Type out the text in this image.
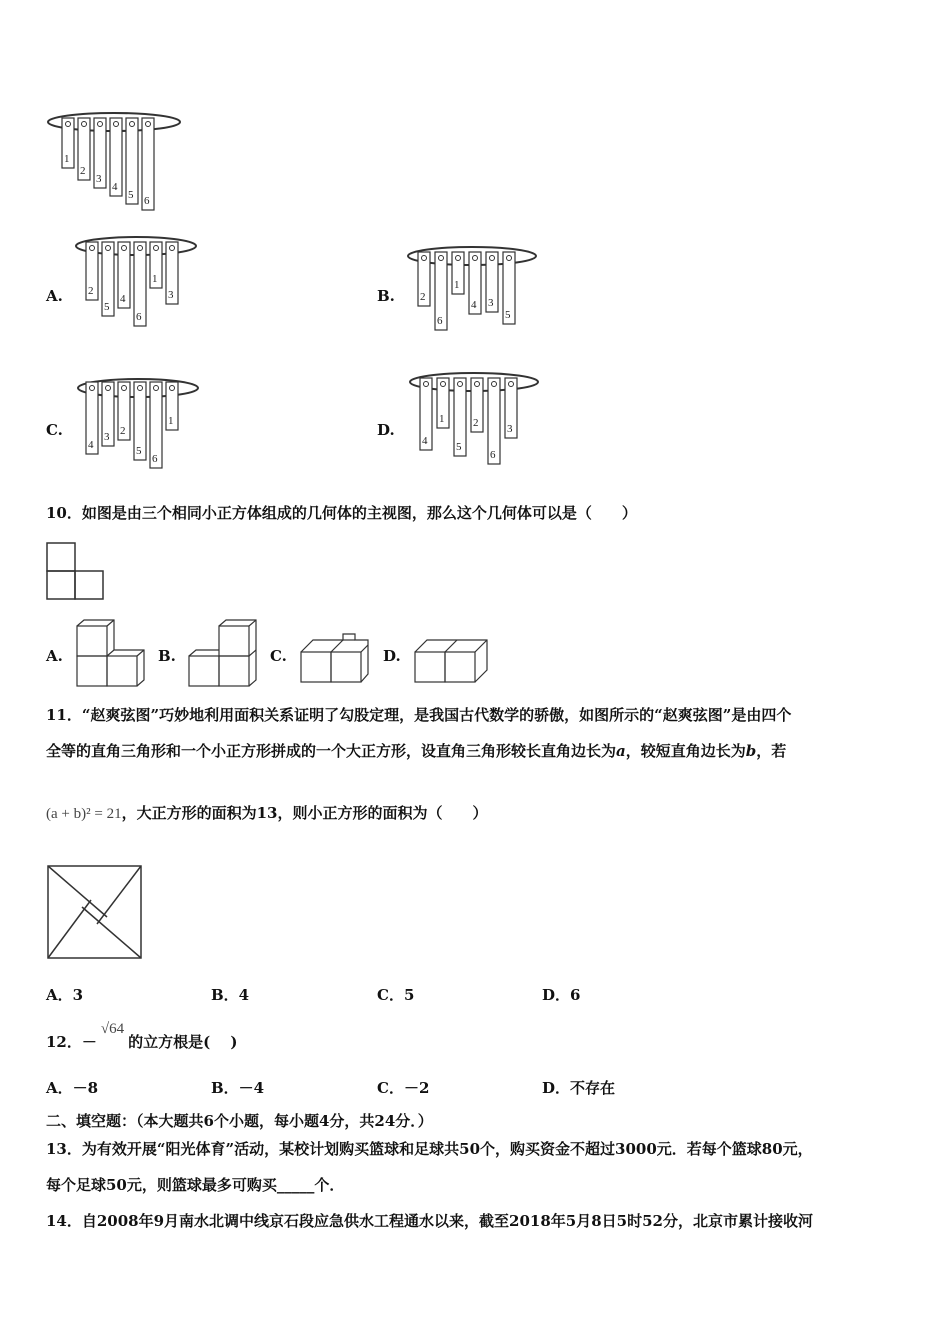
1
2
3
4
5 6
A. 2
5
4
6
1
3	B. 2
6
1
4 3
5
C.
4
3 2
5
6
1	D.
4
1
5
2
6
3
10．如图是由三个相同小正方体组成的几何体的主视图，那么这个几何体可以是（　　）
A.	B.	C.	D.
11．“赵爽弦图”巧妙地利用面积关系证明了勾股定理，是我国古代数学的骄傲，如图所示的“赵爽弦图”是由四个
全等的直角三角形和一个小正方形拼成的一个大正方形，设直角三角形较长直角边长为a，较短直角边长为b，若
(a + b)² = 21，大正方形的面积为13，则小正方形的面积为（　　）
A．3	B．4	C．5	D．6
12．－√64的立方根是(　 )
A．－8	B．－4	C．－2	D．不存在
二、填空题：（本大题共6个小题，每小题4分，共24分．）
13．为有效开展“阳光体育”活动，某校计划购买篮球和足球共50个，购买资金不超过3000元．若每个篮球80元，
每个足球50元，则篮球最多可购买_____个．
14．自2008年9月南水北调中线京石段应急供水工程通水以来，截至2018年5月8日5时52分，北京市累计接收河
